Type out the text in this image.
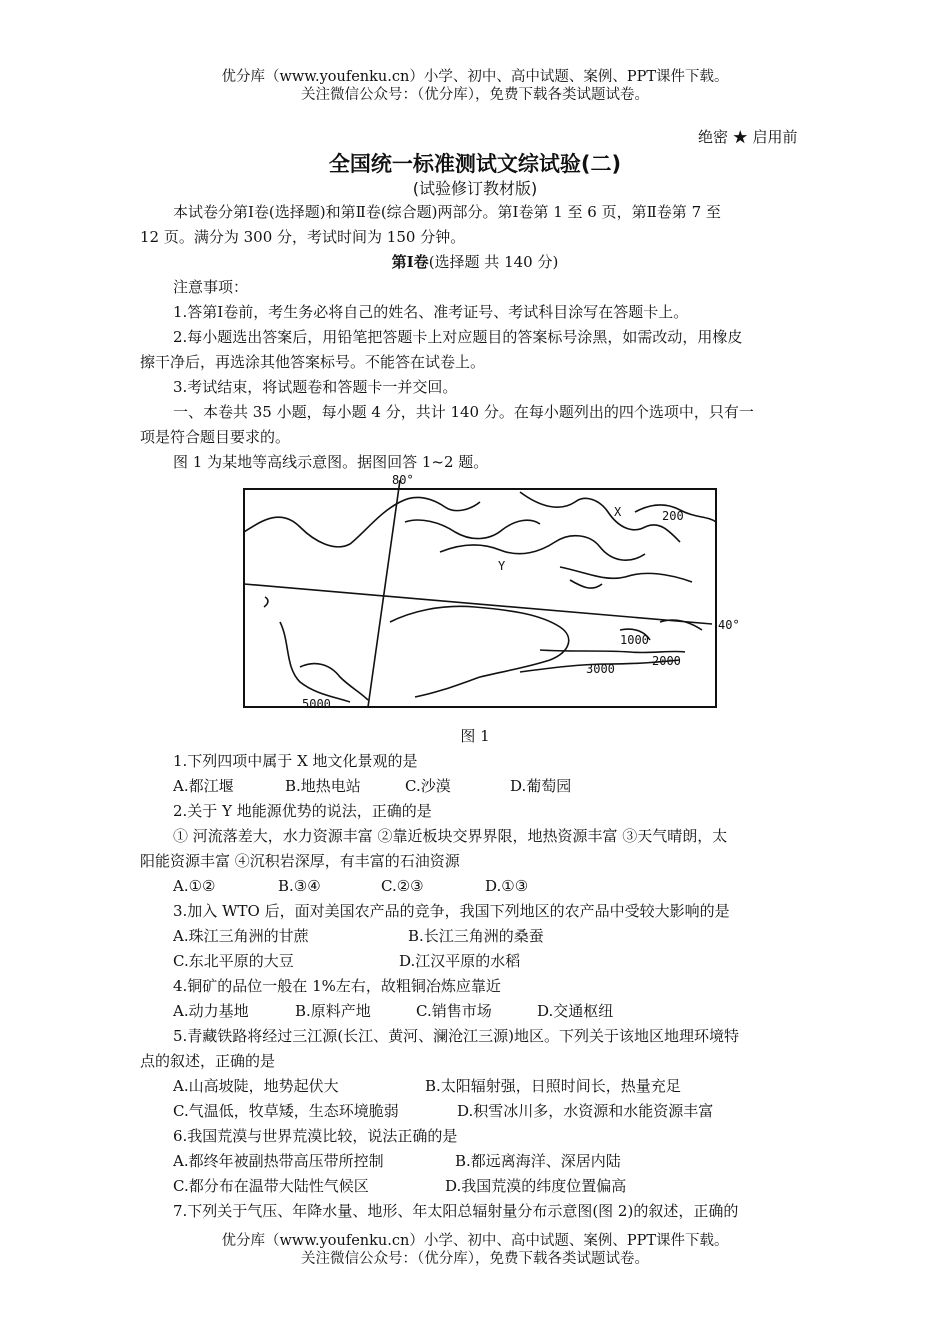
优分库（www.youfenku.cn）小学、初中、高中试题、案例、PPT课件下载。
关注微信公众号：（优分库），免费下载各类试题试卷。
绝密 ★ 启用前
全国统一标准测试文综试验(二)
(试验修订教材版)
本试卷分第Ⅰ卷(选择题)和第Ⅱ卷(综合题)两部分。第Ⅰ卷第 1 至 6 页，第Ⅱ卷第 7 至
12 页。满分为 300 分，考试时间为 150 分钟。
第Ⅰ卷(选择题 共 140 分)
注意事项：
1.答第Ⅰ卷前，考生务必将自己的姓名、准考证号、考试科目涂写在答题卡上。
2.每小题选出答案后，用铅笔把答题卡上对应题目的答案标号涂黑，如需改动，用橡皮
擦干净后，再选涂其他答案标号。不能答在试卷上。
3.考试结束，将试题卷和答题卡一并交回。
一、本卷共 35 小题，每小题 4 分，共计 140 分。在每小题列出的四个选项中，只有一
项是符合题目要求的。
图 1 为某地等高线示意图。据图回答 1~2 题。
80°
40°
X
Y
200
1000
2000
3000
5000
图 1
1.下列四项中属于 X 地文化景观的是
A.都江堰	B.地热电站	C.沙漠	D.葡萄园
2.关于 Y 地能源优势的说法，正确的是
① 河流落差大，水力资源丰富 ②靠近板块交界界限，地热资源丰富 ③天气晴朗，太
阳能资源丰富 ④沉积岩深厚，有丰富的石油资源
A.①②	B.③④	C.②③	D.①③
3.加入 WTO 后，面对美国农产品的竞争，我国下列地区的农产品中受较大影响的是
A.珠江三角洲的甘蔗	B.长江三角洲的桑蚕
C.东北平原的大豆	D.江汉平原的水稻
4.铜矿的品位一般在 1%左右，故粗铜冶炼应靠近
A.动力基地	B.原料产地	C.销售市场	D.交通枢纽
5.青藏铁路将经过三江源(长江、黄河、澜沧江三源)地区。下列关于该地区地理环境特
点的叙述，正确的是
A.山高坡陡，地势起伏大	B.太阳辐射强，日照时间长，热量充足
C.气温低，牧草矮，生态环境脆弱	D.积雪冰川多，水资源和水能资源丰富
6.我国荒漠与世界荒漠比较，说法正确的是
A.都终年被副热带高压带所控制	B.都远离海洋、深居内陆
C.都分布在温带大陆性气候区	D.我国荒漠的纬度位置偏高
7.下列关于气压、年降水量、地形、年太阳总辐射量分布示意图(图 2)的叙述，正确的
优分库（www.youfenku.cn）小学、初中、高中试题、案例、PPT课件下载。
关注微信公众号：（优分库），免费下载各类试题试卷。
